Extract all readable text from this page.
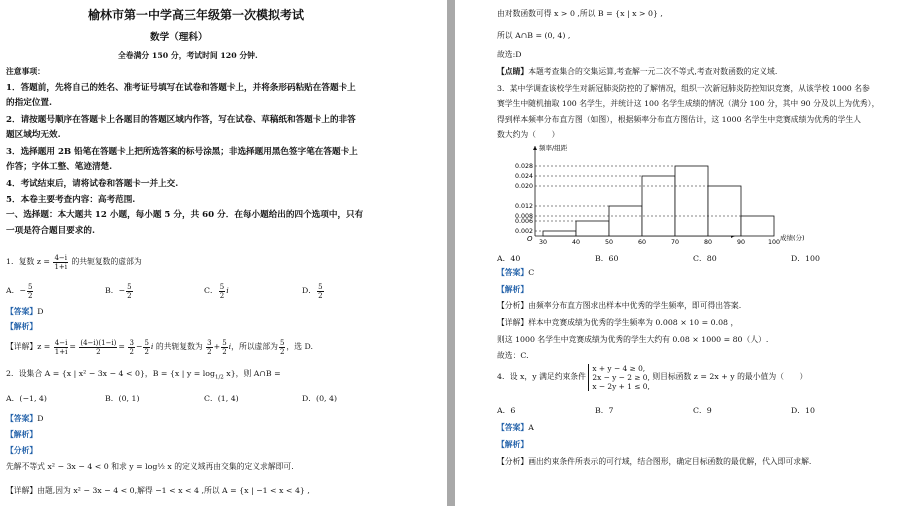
榆林市第一中学高三年级第一次模拟考试
数学（理科）
全卷满分 150 分，考试时间 120 分钟.
注意事项：
1．答题前，先将自己的姓名、准考证号填写在试卷和答题卡上，并将条形码粘贴在答题卡上
的指定位置.
2．请按题号顺序在答题卡上各题目的答题区域内作答，写在试卷、草稿纸和答题卡上的非答
题区域均无效.
3．选择题用 2B 铅笔在答题卡上把所选答案的标号涂黑；非选择题用黑色签字笔在答题卡上
作答；字体工整、笔迹清楚.
4．考试结束后，请将试卷和答题卡一并上交.
5．本卷主要考查内容：高考范围.
一、选择题：本大题共 12 小题，每小题 5 分，共 60 分．在每小题给出的四个选项中，只有
一项是符合题目要求的.
1．复数 $z = \frac{4-i}{1+i}$ 的共轭复数的虚部为
A．− $\frac{5}{2}$	B．− $\frac{5}{2}$	C． $\frac{5}{2}$ i	D． $\frac{5}{2}$
【答案】D
【解析】
【详解】$z = \frac{4-i}{1+i} = \frac{(4-i)(1-i)}{2} = \frac{3}{2} - \frac{5}{2}$ i 的共轭复数为 $\frac{3}{2} + \frac{5}{2}$ i，所以虚部为 $\frac{5}{2}$ ，选 D.
2．设集合 A = {x | x² − 3x − 4 < 0}，B = {x | $y = \log_{1/2} x$}，则 A∩B =
A．(−1, 4)	B．(0, 1)	C．(1, 4)	D．(0, 4)
【答案】D
【解析】
【分析】
先解不等式 x² − 3x − 4 < 0 和求 y = log½ x 的定义域再由交集的定义求解即可.
【详解】由题,因为 x² − 3x − 4 < 0,解得 −1 < x < 4 ,所以 A = {x | −1 < x < 4} ,
由对数函数可得 x > 0 ,所以 B = {x | x > 0} ,
所以 A∩B = (0, 4) ,
故选:D
【点睛】本题考查集合的交集运算,考查解一元二次不等式,考查对数函数的定义域.
3．某中学调查该校学生对新冠肺炎防控的了解情况，组织一次新冠肺炎防控知识竞赛，从该学校 1000 名参
赛学生中随机抽取 100 名学生，并统计这 100 名学生成绩的情况（满分 100 分，其中 90 分及以上为优秀），
得到样本频率分布直方图（如图），根据频率分布直方图估计，这 1000 名学生中竞赛成绩为优秀的学生人
数大约为（　　）
频率/组距
成绩(分)
O
0.002
0.006
0.008
0.012
0.020
0.024
0.028
30	40	50	60	70	80	90	100
A．40	B．60	C．80	D．100
【答案】C
【解析】
【分析】由频率分布直方图求出样本中优秀的学生频率，即可得出答案.
【详解】样本中竞赛成绩为优秀的学生频率为 0.008 × 10 = 0.08 ，
则这 1000 名学生中竞赛成绩为优秀的学生大约有 0.08 × 1000 = 80（人）.
故选：C.
4．设 x，y 满足约束条件
x + y − 4 ≥ 0,
2x − y − 2 ≥ 0,
x − 2y + 1 ≤ 0,
则目标函数 z = 2x + y 的最小值为（　　）
A．6	B．7	C．9	D．10
【答案】A
【解析】
【分析】画出约束条件所表示的可行域，结合图形，确定目标函数的最优解，代入即可求解.
